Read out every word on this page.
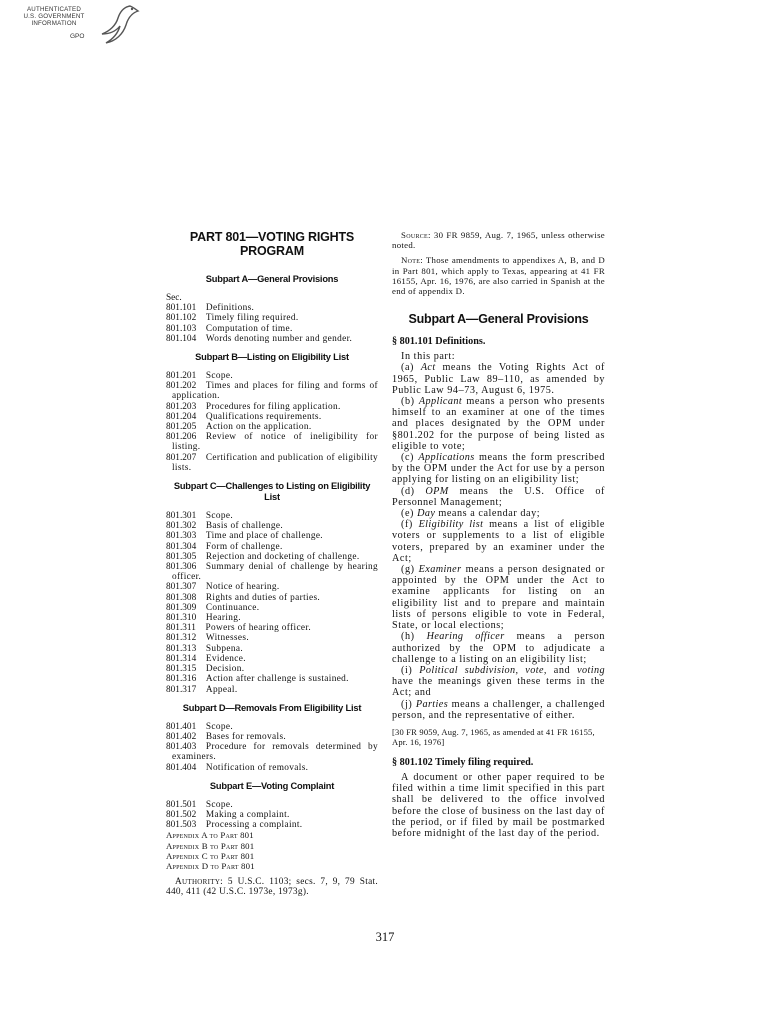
AUTHENTICATED
U.S. GOVERNMENT
INFORMATION
GPO
PART 801—VOTING RIGHTS PROGRAM
Subpart A—General Provisions
Sec.
801.101  Definitions.
801.102  Timely filing required.
801.103  Computation of time.
801.104  Words denoting number and gender.
Subpart B—Listing on Eligibility List
801.201  Scope.
801.202  Times and places for filing and forms of application.
801.203  Procedures for filing application.
801.204  Qualifications requirements.
801.205  Action on the application.
801.206  Review of notice of ineligibility for listing.
801.207  Certification and publication of eligibility lists.
Subpart C—Challenges to Listing on Eligibility List
801.301  Scope.
801.302  Basis of challenge.
801.303  Time and place of challenge.
801.304  Form of challenge.
801.305  Rejection and docketing of challenge.
801.306  Summary denial of challenge by hearing officer.
801.307  Notice of hearing.
801.308  Rights and duties of parties.
801.309  Continuance.
801.310  Hearing.
801.311  Powers of hearing officer.
801.312  Witnesses.
801.313  Subpena.
801.314  Evidence.
801.315  Decision.
801.316  Action after challenge is sustained.
801.317  Appeal.
Subpart D—Removals From Eligibility List
801.401  Scope.
801.402  Bases for removals.
801.403  Procedure for removals determined by examiners.
801.404  Notification of removals.
Subpart E—Voting Complaint
801.501  Scope.
801.502  Making a complaint.
801.503  Processing a complaint.
Appendix A to Part 801
Appendix B to Part 801
Appendix C to Part 801
Appendix D to Part 801
Authority: 5 U.S.C. 1103; secs. 7, 9, 79 Stat. 440, 411 (42 U.S.C. 1973e, 1973g).
Source: 30 FR 9859, Aug. 7, 1965, unless otherwise noted.
Note: Those amendments to appendixes A, B, and D in Part 801, which apply to Texas, appearing at 41 FR 16155, Apr. 16, 1976, are also carried in Spanish at the end of appendix D.
Subpart A—General Provisions
§ 801.101 Definitions.
In this part:
(a) Act means the Voting Rights Act of 1965, Public Law 89–110, as amended by Public Law 94–73, August 6, 1975.
(b) Applicant means a person who presents himself to an examiner at one of the times and places designated by the OPM under §801.202 for the purpose of being listed as eligible to vote;
(c) Applications means the form prescribed by the OPM under the Act for use by a person applying for listing on an eligibility list;
(d) OPM means the U.S. Office of Personnel Management;
(e) Day means a calendar day;
(f) Eligibility list means a list of eligible voters or supplements to a list of eligible voters, prepared by an examiner under the Act;
(g) Examiner means a person designated or appointed by the OPM under the Act to examine applicants for listing on an eligibility list and to prepare and maintain lists of persons eligible to vote in Federal, State, or local elections;
(h) Hearing officer means a person authorized by the OPM to adjudicate a challenge to a listing on an eligibility list;
(i) Political subdivision, vote, and voting have the meanings given these terms in the Act; and
(j) Parties means a challenger, a challenged person, and the representative of either.
[30 FR 9059, Aug. 7, 1965, as amended at 41 FR 16155, Apr. 16, 1976]
§ 801.102 Timely filing required.
A document or other paper required to be filed within a time limit specified in this part shall be delivered to the office involved before the close of business on the last day of the period, or if filed by mail be postmarked before midnight of the last day of the period.
317
